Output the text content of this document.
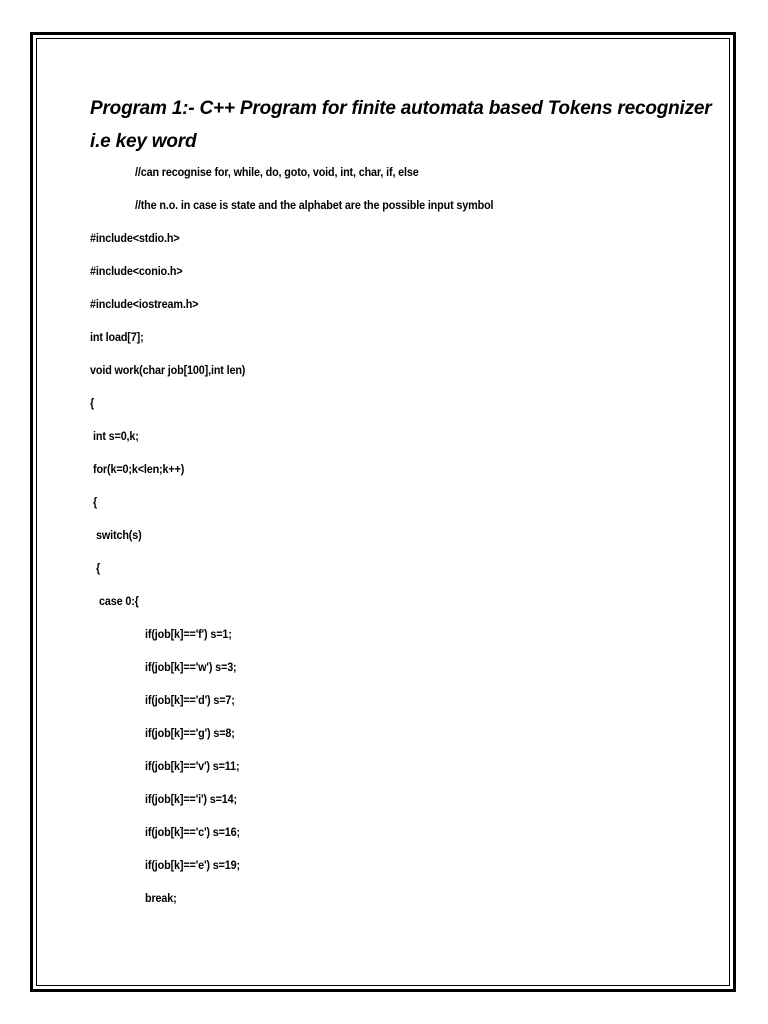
Program 1:- C++ Program for finite automata based Tokens recognizer i.e key word
//can recognise for, while, do, goto, void, int, char, if, else
//the n.o. in case is state and the alphabet are the possible input symbol
#include<stdio.h>
#include<conio.h>
#include<iostream.h>
int load[7];
void work(char job[100],int len)
{
int s=0,k;
for(k=0;k<len;k++)
{
switch(s)
{
case 0:{
if(job[k]=='f') s=1;
if(job[k]=='w') s=3;
if(job[k]=='d') s=7;
if(job[k]=='g') s=8;
if(job[k]=='v') s=11;
if(job[k]=='i') s=14;
if(job[k]=='c') s=16;
if(job[k]=='e') s=19;
break;
